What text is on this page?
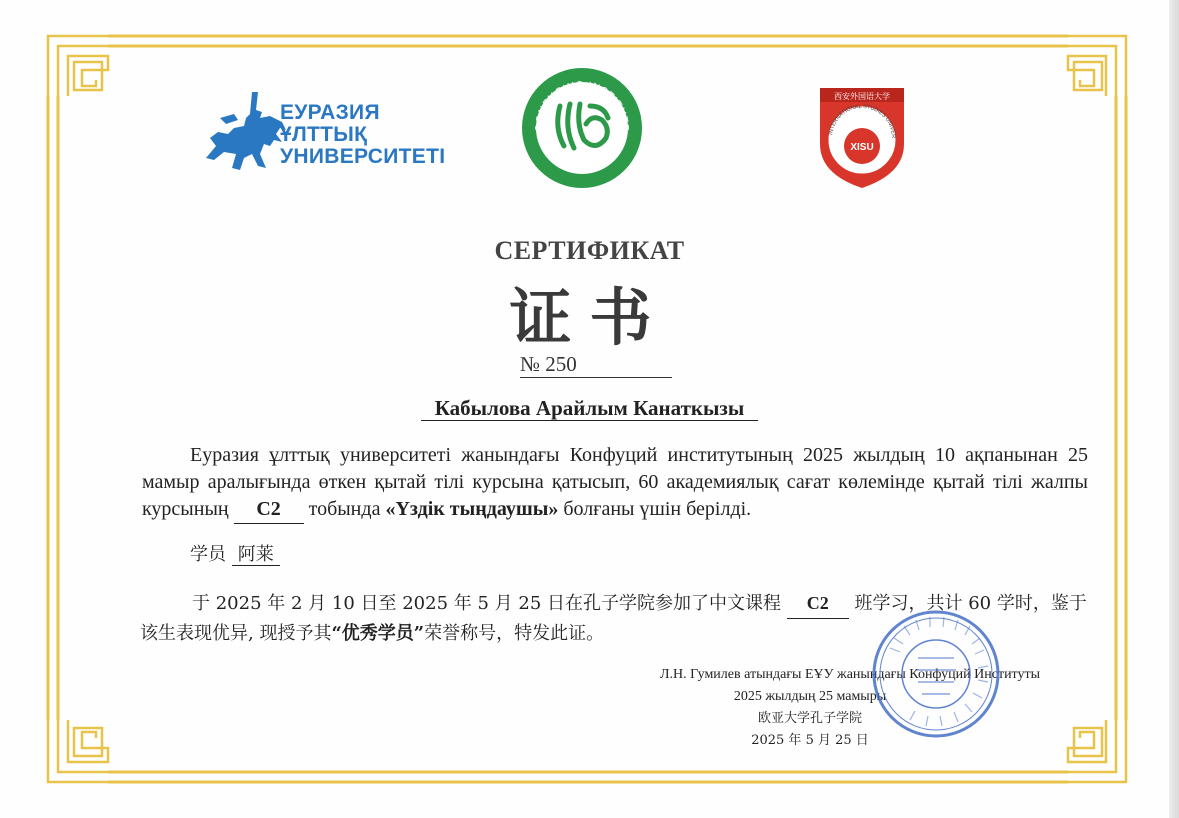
ЕУРАЗИЯ
ҰЛТТЫҚ
УНИВЕРСИТЕТІ
CONFUCIUS INSTITUTE
孔子学院
西安外国语大学
INTERNATIONAL STUDIES UNIVER
XISU
СЕРТИФИКАТ
证书
№ 250
Кабылова Арайлым Канаткызы
Еуразия ұлттық университеті жанындағы Конфуций институтының 2025 жылдың 10 ақпанынан 25 мамыр аралығында өткен қытай тілі курсына қатысып, 60 академиялық сағат көлемінде қытай тілі жалпы курсының C2 тобында «Үздік тыңдаушы» болғаны үшін берілді.
学员 阿莱
于 2025 年 2 月 10 日至 2025 年 5 月 25 日在孔子学院参加了中文课程 C2 班学习，共计 60 学时，鉴于该生表现优异, 现授予其“优秀学员”荣誉称号，特发此证。
Л.Н. Гумилев атындағы ЕҰУ жанындағы Конфуций Институты
2025 жылдың 25 мамыры
欧亚大学孔子学院
2025 年 5 月 25 日
